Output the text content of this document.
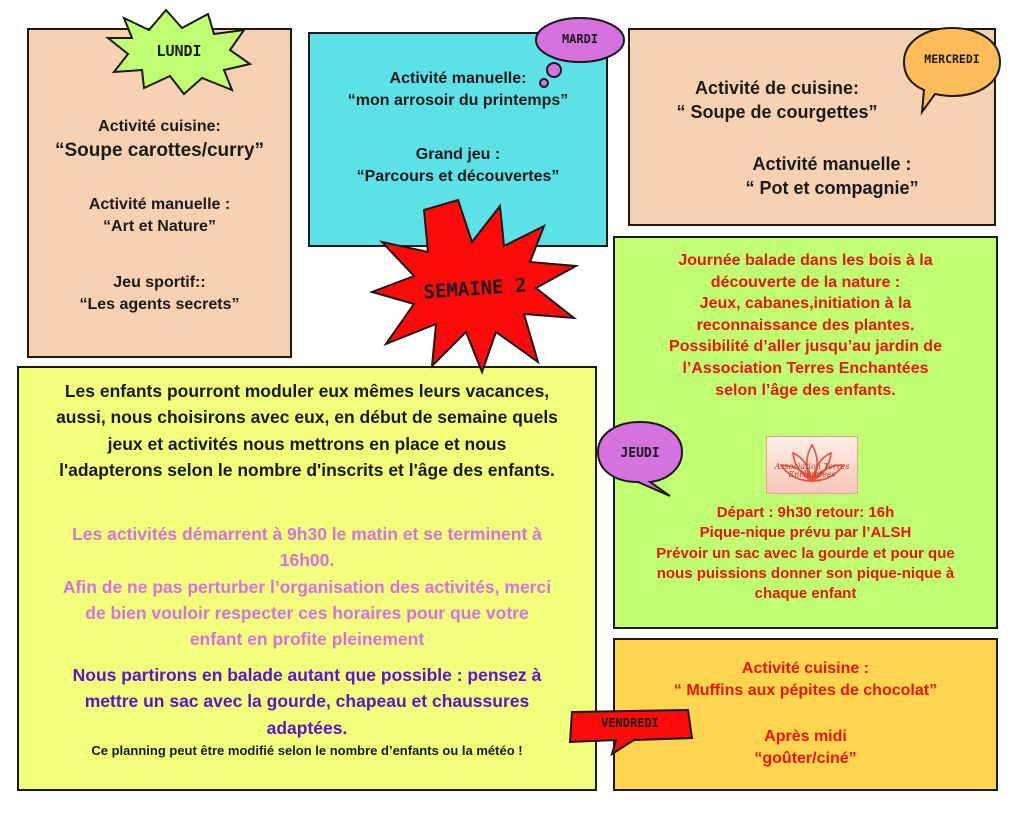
Activité cuisine:

“Soupe carottes/curry”

Activité manuelle :

“Art et Nature”

Jeu sportif::

“Les agents secrets”

Activité manuelle:

“mon arrosoir du printemps”

Grand jeu :

“Parcours et découvertes”

Activité de cuisine:

“ Soupe de courgettes”

Activité manuelle :

“ Pot et compagnie”

Journée balade dans les bois à la

découverte de la nature :

Jeux, cabanes,initiation à la

reconnaissance des plantes.

Possibilité d’aller jusqu’au jardin de

l’Association Terres Enchantées

selon l’âge des enfants.

Départ : 9h30 retour: 16h

Pique-nique prévu par l’ALSH

Prévoir un sac avec la gourde et pour que

nous puissions donner son pique-nique à

chaque enfant

Association Terres Enchantées

Les enfants pourront moduler eux mêmes leurs vacances,

aussi, nous choisirons avec eux, en début de semaine quels

jeux et activités nous mettrons en place et nous

l'adapterons selon le nombre d'inscrits et l'âge des enfants.

Les activités démarrent à 9h30 le matin et se terminent à

16h00.

Afin de ne pas perturber l’organisation des activités, merci

de bien vouloir respecter ces horaires pour que votre

enfant en profite pleinement

Nous partirons en balade autant que possible : pensez à

mettre un sac avec la gourde, chapeau et chaussures

adaptées.

Ce planning peut être modifié selon le nombre d’enfants ou la météo !

Activité cuisine :

“ Muffins aux pépites de chocolat”

Après midi

“goûter/ciné”

LUNDI
MARDI
MERCREDI
SEMAINE 2
JEUDI
VENDREDI
